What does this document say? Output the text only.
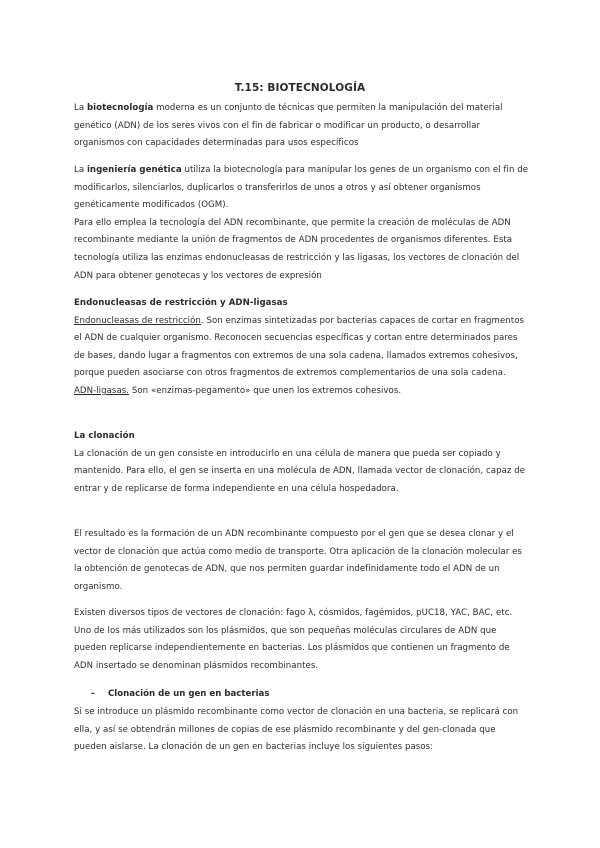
T.15: BIOTECNOLOGÍA

La biotecnología moderna es un conjunto de técnicas que permiten la manipulación del material genético (ADN) de los seres vivos con el fin de fabricar o modificar un producto, o desarrollar organismos con capacidades determinadas para usos específicos

La ingeniería genética utiliza la biotecnología para manipular los genes de un organismo con el fin de modificarlos, silenciarlos, duplicarlos o transferirlos de unos a otros y así obtener organismos genéticamente modificados (OGM).

Para ello emplea la tecnología del ADN recombinante, que permite la creación de moléculas de ADN recombinante mediante la unión de fragmentos de ADN procedentes de organismos diferentes. Esta tecnología utiliza las enzimas endonucleasas de restricción y las ligasas, los vectores de clonación del ADN para obtener genotecas y los vectores de expresión

Endonucleasas de restricción y ADN-ligasas

Endonucleasas de restricción. Son enzimas sintetizadas por bacterias capaces de cortar en fragmentos el ADN de cualquier organismo. Reconocen secuencias específicas y cortan entre determinados pares de bases, dando lugar a fragmentos con extremos de una sola cadena, llamados extremos cohesivos, porque pueden asociarse con otros fragmentos de extremos complementarios de una sola cadena.

ADN-ligasas. Son «enzimas-pegamento» que unen los extremos cohesivos.

La clonación

La clonación de un gen consiste en introducirlo en una célula de manera que pueda ser copiado y mantenido. Para ello, el gen se inserta en una molécula de ADN, llamada vector de clonación, capaz de entrar y de replicarse de forma independiente en una célula hospedadora.

El resultado es la formación de un ADN recombinante compuesto por el gen que se desea clonar y el vector de clonación que actúa como medio de transporte. Otra aplicación de la clonación molecular es la obtención de genotecas de ADN, que nos permiten guardar indefinidamente todo el ADN de un organismo.

Existen diversos tipos de vectores de clonación: fago λ, cósmidos, fagémidos, pUC18, YAC, BAC, etc. Uno de los más utilizados son los plásmidos, que son pequeñas moléculas circulares de ADN que pueden replicarse independientemente en bacterias. Los plásmidos que contienen un fragmento de ADN insertado se denominan plásmidos recombinantes.

- Clonación de un gen en bacterias

Si se introduce un plásmido recombinante como vector de clonación en una bacteria, se replicará con ella, y así se obtendrán millones de copias de ese plásmido recombinante y del gen-clonada que pueden aislarse. La clonación de un gen en bacterias incluye los siguientes pasos:
